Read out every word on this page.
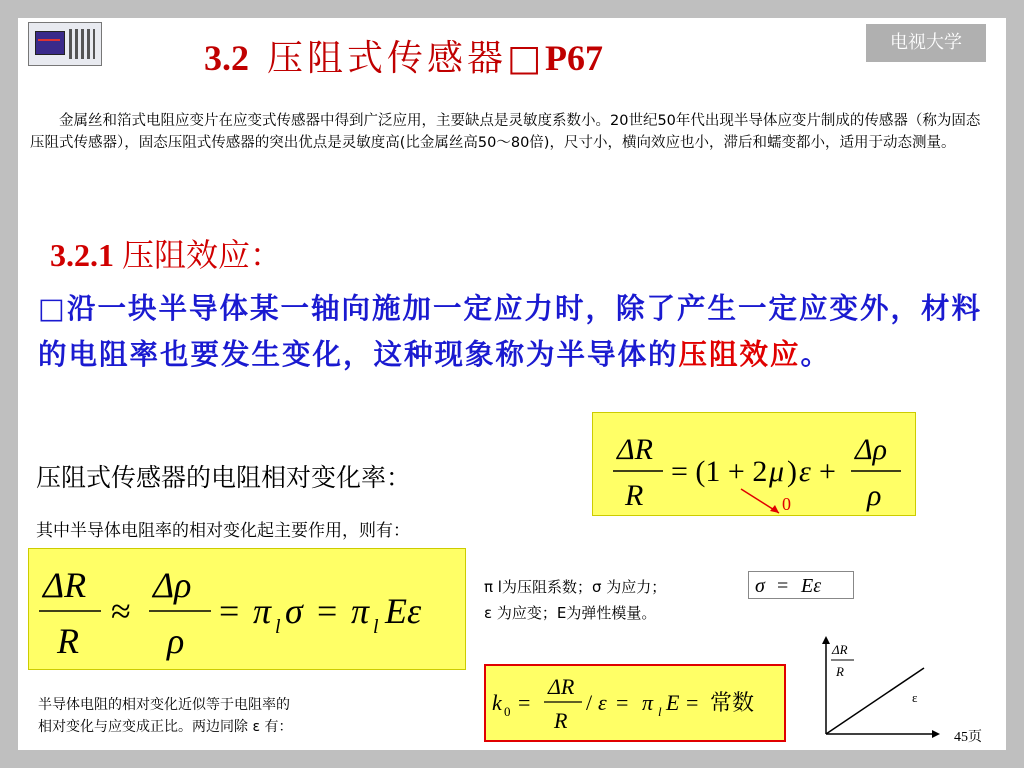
3.2 压阻式传感器□P67	电视大学
金属丝和箔式电阻应变片在应变式传感器中得到广泛应用，主要缺点是灵敏度系数小。20世纪50年代出现半导体应变片制成的传感器（称为固态压阻式传感器），固态压阻式传感器的突出优点是灵敏度高(比金属丝高50～80倍)，尺寸小，横向效应也小，滞后和蠕变都小，适用于动态测量。
3.2.1 压阻效应：
□沿一块半导体某一轴向施加一定应力时，除了产生一定应变外，材料的电阻率也要发生变化，这种现象称为半导体的压阻效应。
压阻式传感器的电阻相对变化率：
ΔR
R
= (1 + 2 μ ) ε +
Δρ
ρ
0
其中半导体电阻率的相对变化起主要作用，则有：
ΔR
R
≈
Δρ
ρ
= π l σ = π l Eε
π l为压阻系数；σ 为应力；
ε 为应变；E为弹性模量。
σ = Eε
半导体电阻的相对变化近似等于电阻率的
相对变化与应变成正比。两边同除 ε 有：
k 0 =
ΔR
R
/ ε = π l E = 常数
ΔR
R
ε
45页
